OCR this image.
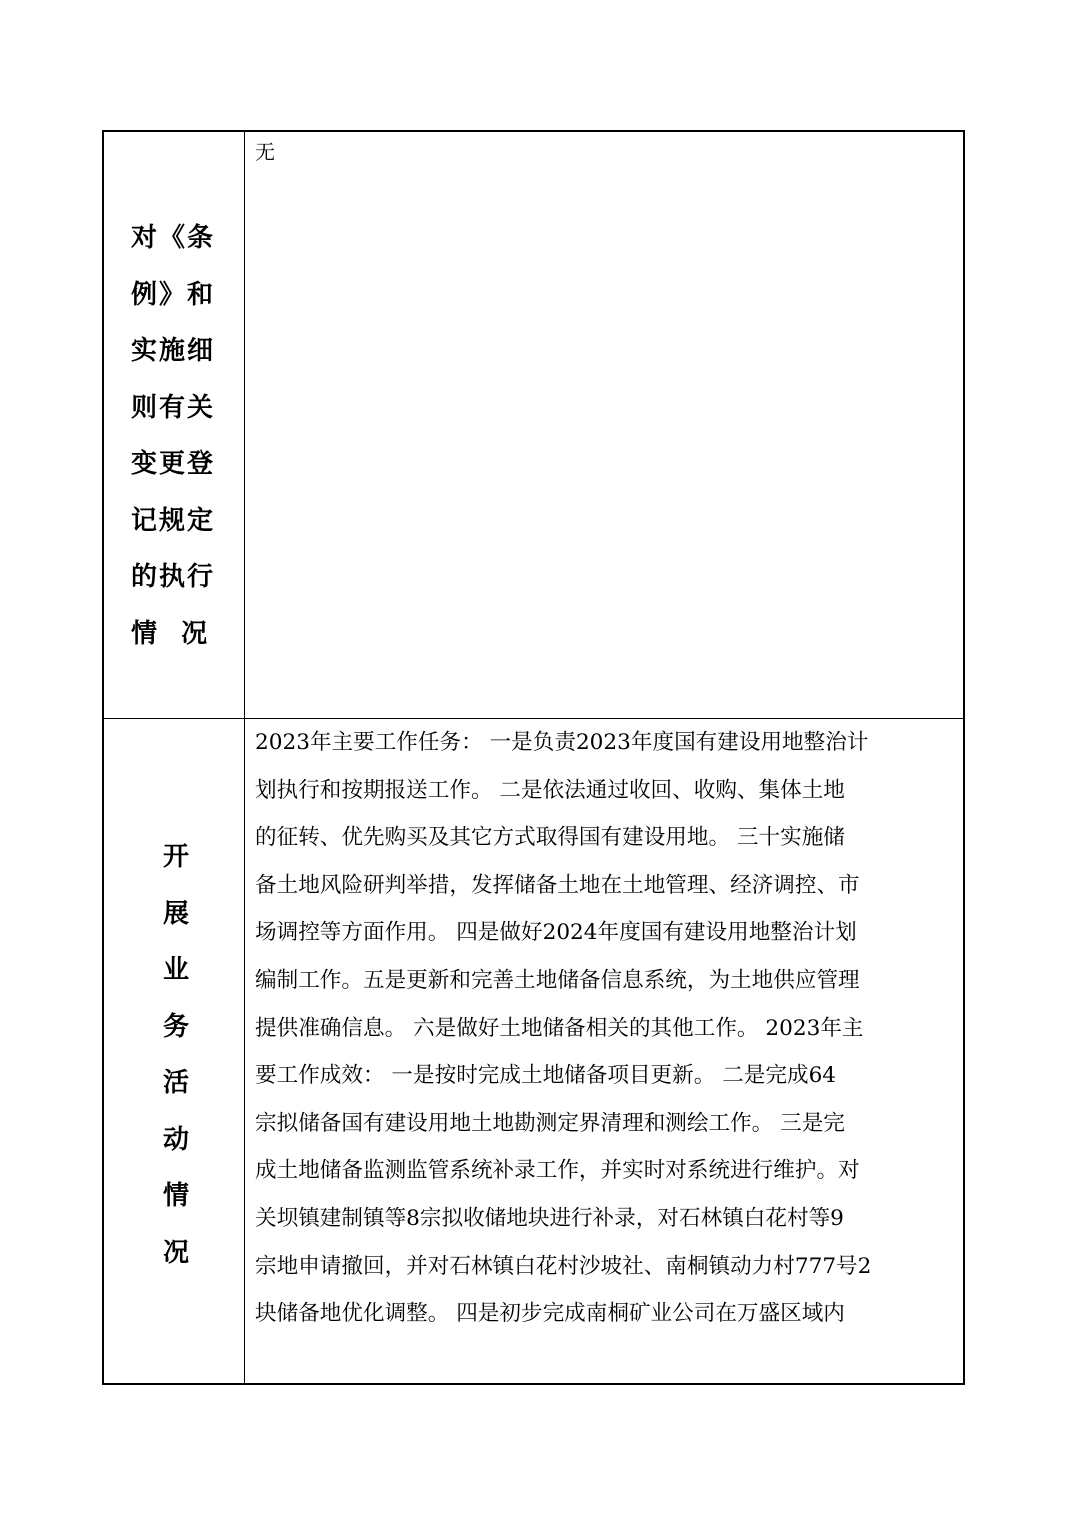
对《条
例》和
实施细
则有关
变更登
记规定
的执行
情  况
无
开
展
业
务
活
动
情
况
2023年主要工作任务： 一是负责2023年度国有建设用地整治计
划执行和按期报送工作。 二是依法通过收回、收购、集体土地
的征转、优先购买及其它方式取得国有建设用地。 三十实施储
备土地风险研判举措，发挥储备土地在土地管理、经济调控、市
场调控等方面作用。 四是做好2024年度国有建设用地整治计划
编制工作。五是更新和完善土地储备信息系统，为土地供应管理
提供准确信息。 六是做好土地储备相关的其他工作。 2023年主
要工作成效： 一是按时完成土地储备项目更新。 二是完成64
宗拟储备国有建设用地土地勘测定界清理和测绘工作。 三是完
成土地储备监测监管系统补录工作，并实时对系统进行维护。对
关坝镇建制镇等8宗拟收储地块进行补录，对石林镇白花村等9
宗地申请撤回，并对石林镇白花村沙坡社、南桐镇动力村777号2
块储备地优化调整。 四是初步完成南桐矿业公司在万盛区域内
